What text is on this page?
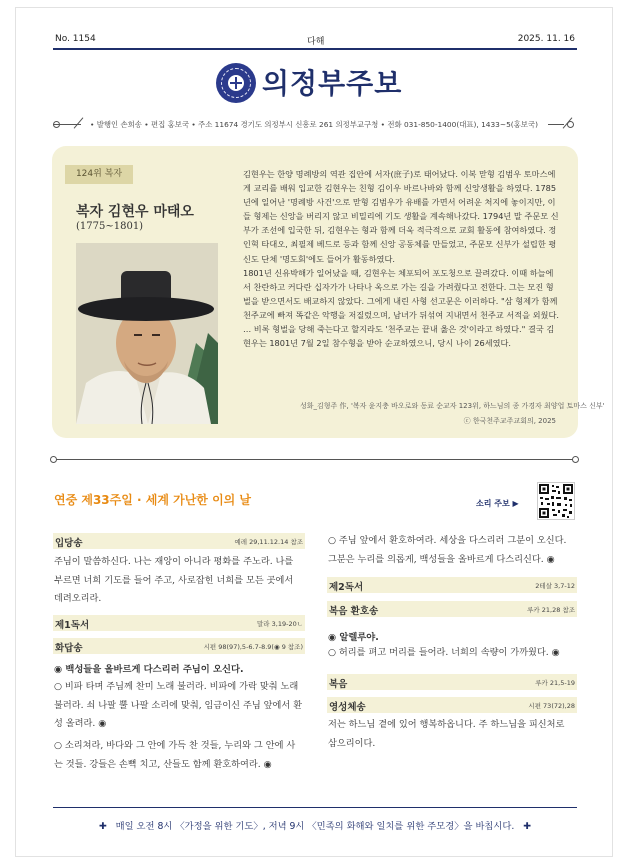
No. 1154	다해	2025. 11. 16
의정부주보
• 발행인 손희송 • 편집 홍보국 • 주소 11674 경기도 의정부시 신흥로 261 의정부교구청 • 전화 031-850-1400(대표), 1433~5(홍보국)
124위 복자
복자 김현우 마태오
(1775~1801)

김현우는 한양 명례방의 역관 집안에 서자(庶子)로 태어났다. 이복 맏형 김범우 토마스에게 교리를 배워 입교한 김현우는 친형 김이우 바르나바와 함께 신앙생활을 하였다. 1785년에 일어난 '명례방 사건'으로 맏형 김범우가 유배를 가면서 어려운 처지에 놓이지만, 이들 형제는 신앙을 버리지 않고 비밀리에 기도 생활을 계속해나갔다. 1794년 말 주문모 신부가 조선에 입국한 뒤, 김현우는 형과 함께 더욱 적극적으로 교회 활동에 참여하였다. 정인혁 타대오, 최필제 베드로 등과 함께 신앙 공동체를 만들었고, 주문모 신부가 설립한 평신도 단체 '명도회'에도 들어가 활동하였다.

1801년 신유박해가 일어났을 때, 김현우는 체포되어 포도청으로 끌려갔다. 이때 하늘에서 찬란하고 커다란 십자가가 나타나 옥으로 가는 길을 가려줬다고 전한다. 그는 모진 형벌을 받으면서도 배교하지 않았다. 그에게 내린 사형 선고문은 이러하다. "삼 형제가 함께 천주교에 빠져 똑같은 악행을 저질렀으며, 남녀가 뒤섞여 지내면서 천주교 서적을 외웠다. … 비록 형벌을 당해 죽는다고 할지라도 '천주교는 끝내 옳은 것'이라고 하였다." 결국 김현우는 1801년 7월 2일 참수형을 받아 순교하였으니, 당시 나이 26세였다.

성화_김형주 作, '복자 윤지충 바오로와 동료 순교자 123위, 하느님의 종 가경자 최양업 토마스 신부'
ⓒ 한국천주교주교회의, 2025
연중 제33주일 · 세계 가난한 이의 날	소리 주보 ▶
입당송	예레 29,11.12.14 참조
주님이 말씀하신다. 나는 재앙이 아니라 평화를 주노라. 나를 부르면 너희 기도를 들어 주고, 사로잡힌 너희를 모든 곳에서 데려오리라.
제1독서	말라 3,19-20ㄴ
화답송	시편 98(97),5-6.7-8.9(◉ 9 참조)
◉ 백성들을 올바르게 다스리러 주님이 오신다.
○ 비파 타며 주님께 찬미 노래 불러라. 비파에 가락 맞춰 노래 불러라. 쇠 나팔 뿔 나팔 소리에 맞춰, 임금이신 주님 앞에서 환성 올려라. ◉
○ 소리쳐라, 바다와 그 안에 가득 찬 것들, 누리와 그 안에 사는 것들. 강들은 손뼉 치고, 산들도 함께 환호하여라. ◉
○ 주님 앞에서 환호하여라. 세상을 다스리러 그분이 오신다. 그분은 누리를 의롭게, 백성들을 올바르게 다스리신다. ◉
제2독서	2테살 3,7-12
복음 환호송	루카 21,28 참조
◉ 알렐루야.
○ 허리를 펴고 머리를 들어라. 너희의 속량이 가까웠다. ◉
복음	루카 21,5-19
영성체송	시편 73(72),28
저는 하느님 곁에 있어 행복하옵니다. 주 하느님을 피신처로 삼으리이다.
✚ 매일 오전 8시 〈가정을 위한 기도〉, 저녁 9시 〈민족의 화해와 일치를 위한 주모경〉을 바칩시다. ✚
